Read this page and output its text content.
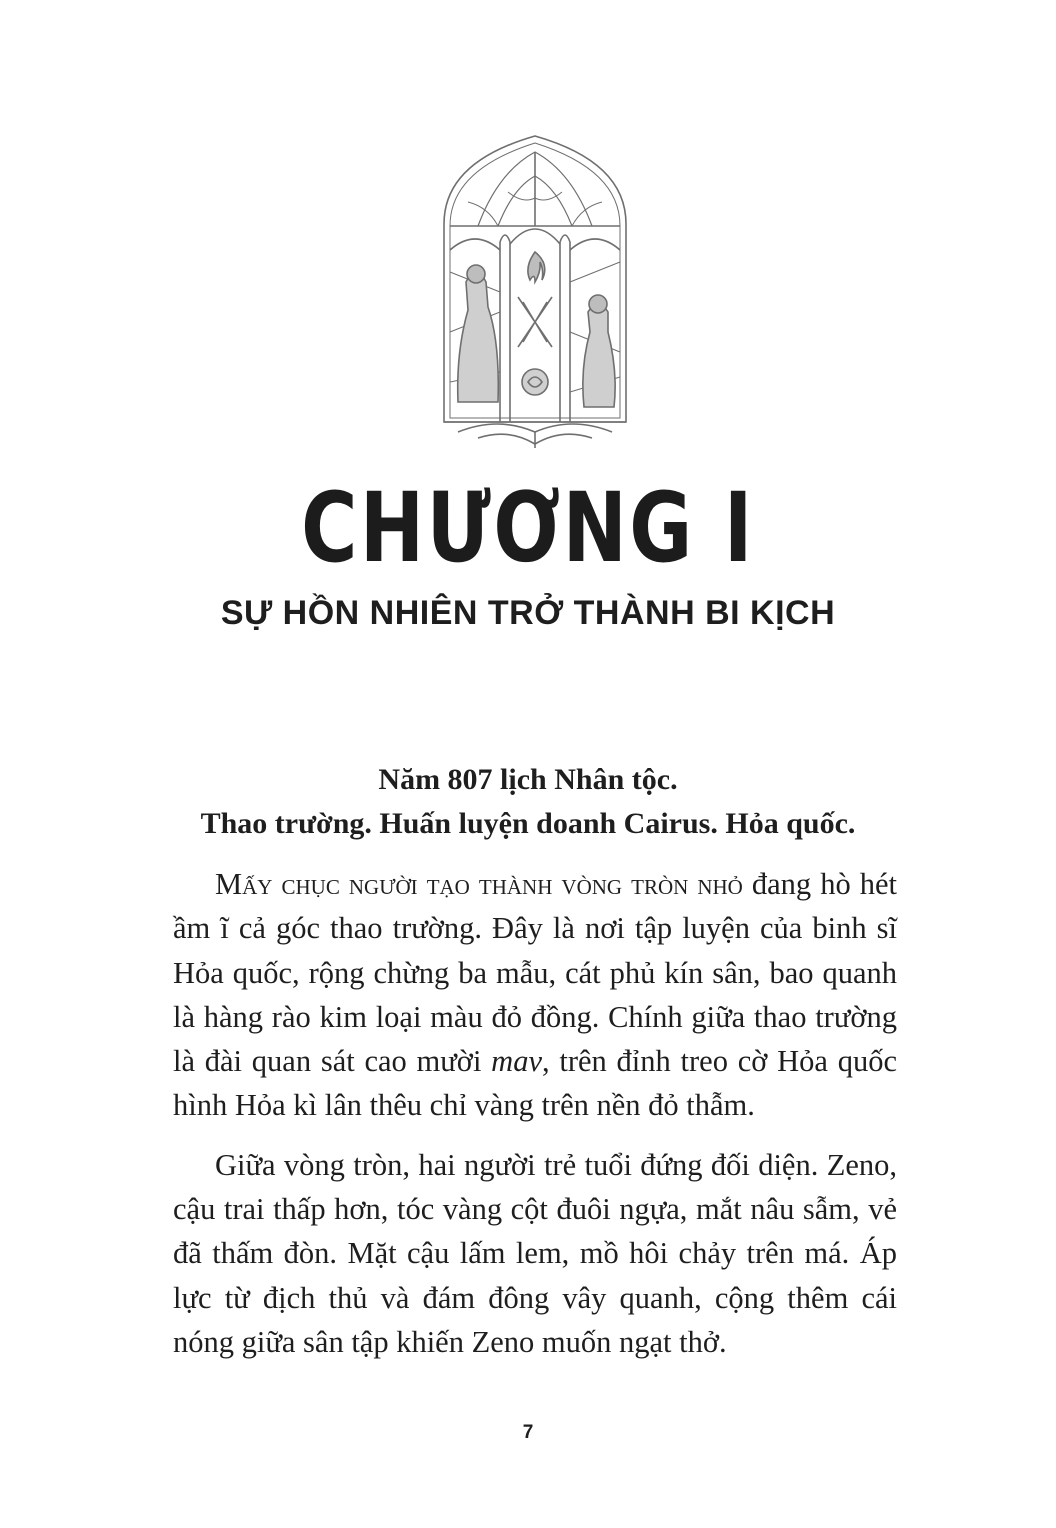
CHƯƠNG I
SỰ HỒN NHIÊN TRỞ THÀNH BI KỊCH
Năm 807 lịch Nhân tộc.
Thao trường. Huấn luyện doanh Cairus. Hỏa quốc.

Mấy chục người tạo thành vòng tròn nhỏ đang hò hét ầm ĩ cả góc thao trường. Đây là nơi tập luyện của binh sĩ Hỏa quốc, rộng chừng ba mẫu, cát phủ kín sân, bao quanh là hàng rào kim loại màu đỏ đồng. Chính giữa thao trường là đài quan sát cao mười mav, trên đỉnh treo cờ Hỏa quốc hình Hỏa kì lân thêu chỉ vàng trên nền đỏ thẫm.

Giữa vòng tròn, hai người trẻ tuổi đứng đối diện. Zeno, cậu trai thấp hơn, tóc vàng cột đuôi ngựa, mắt nâu sẫm, vẻ đã thấm đòn. Mặt cậu lấm lem, mồ hôi chảy trên má. Áp lực từ địch thủ và đám đông vây quanh, cộng thêm cái nóng giữa sân tập khiến Zeno muốn ngạt thở.

7
